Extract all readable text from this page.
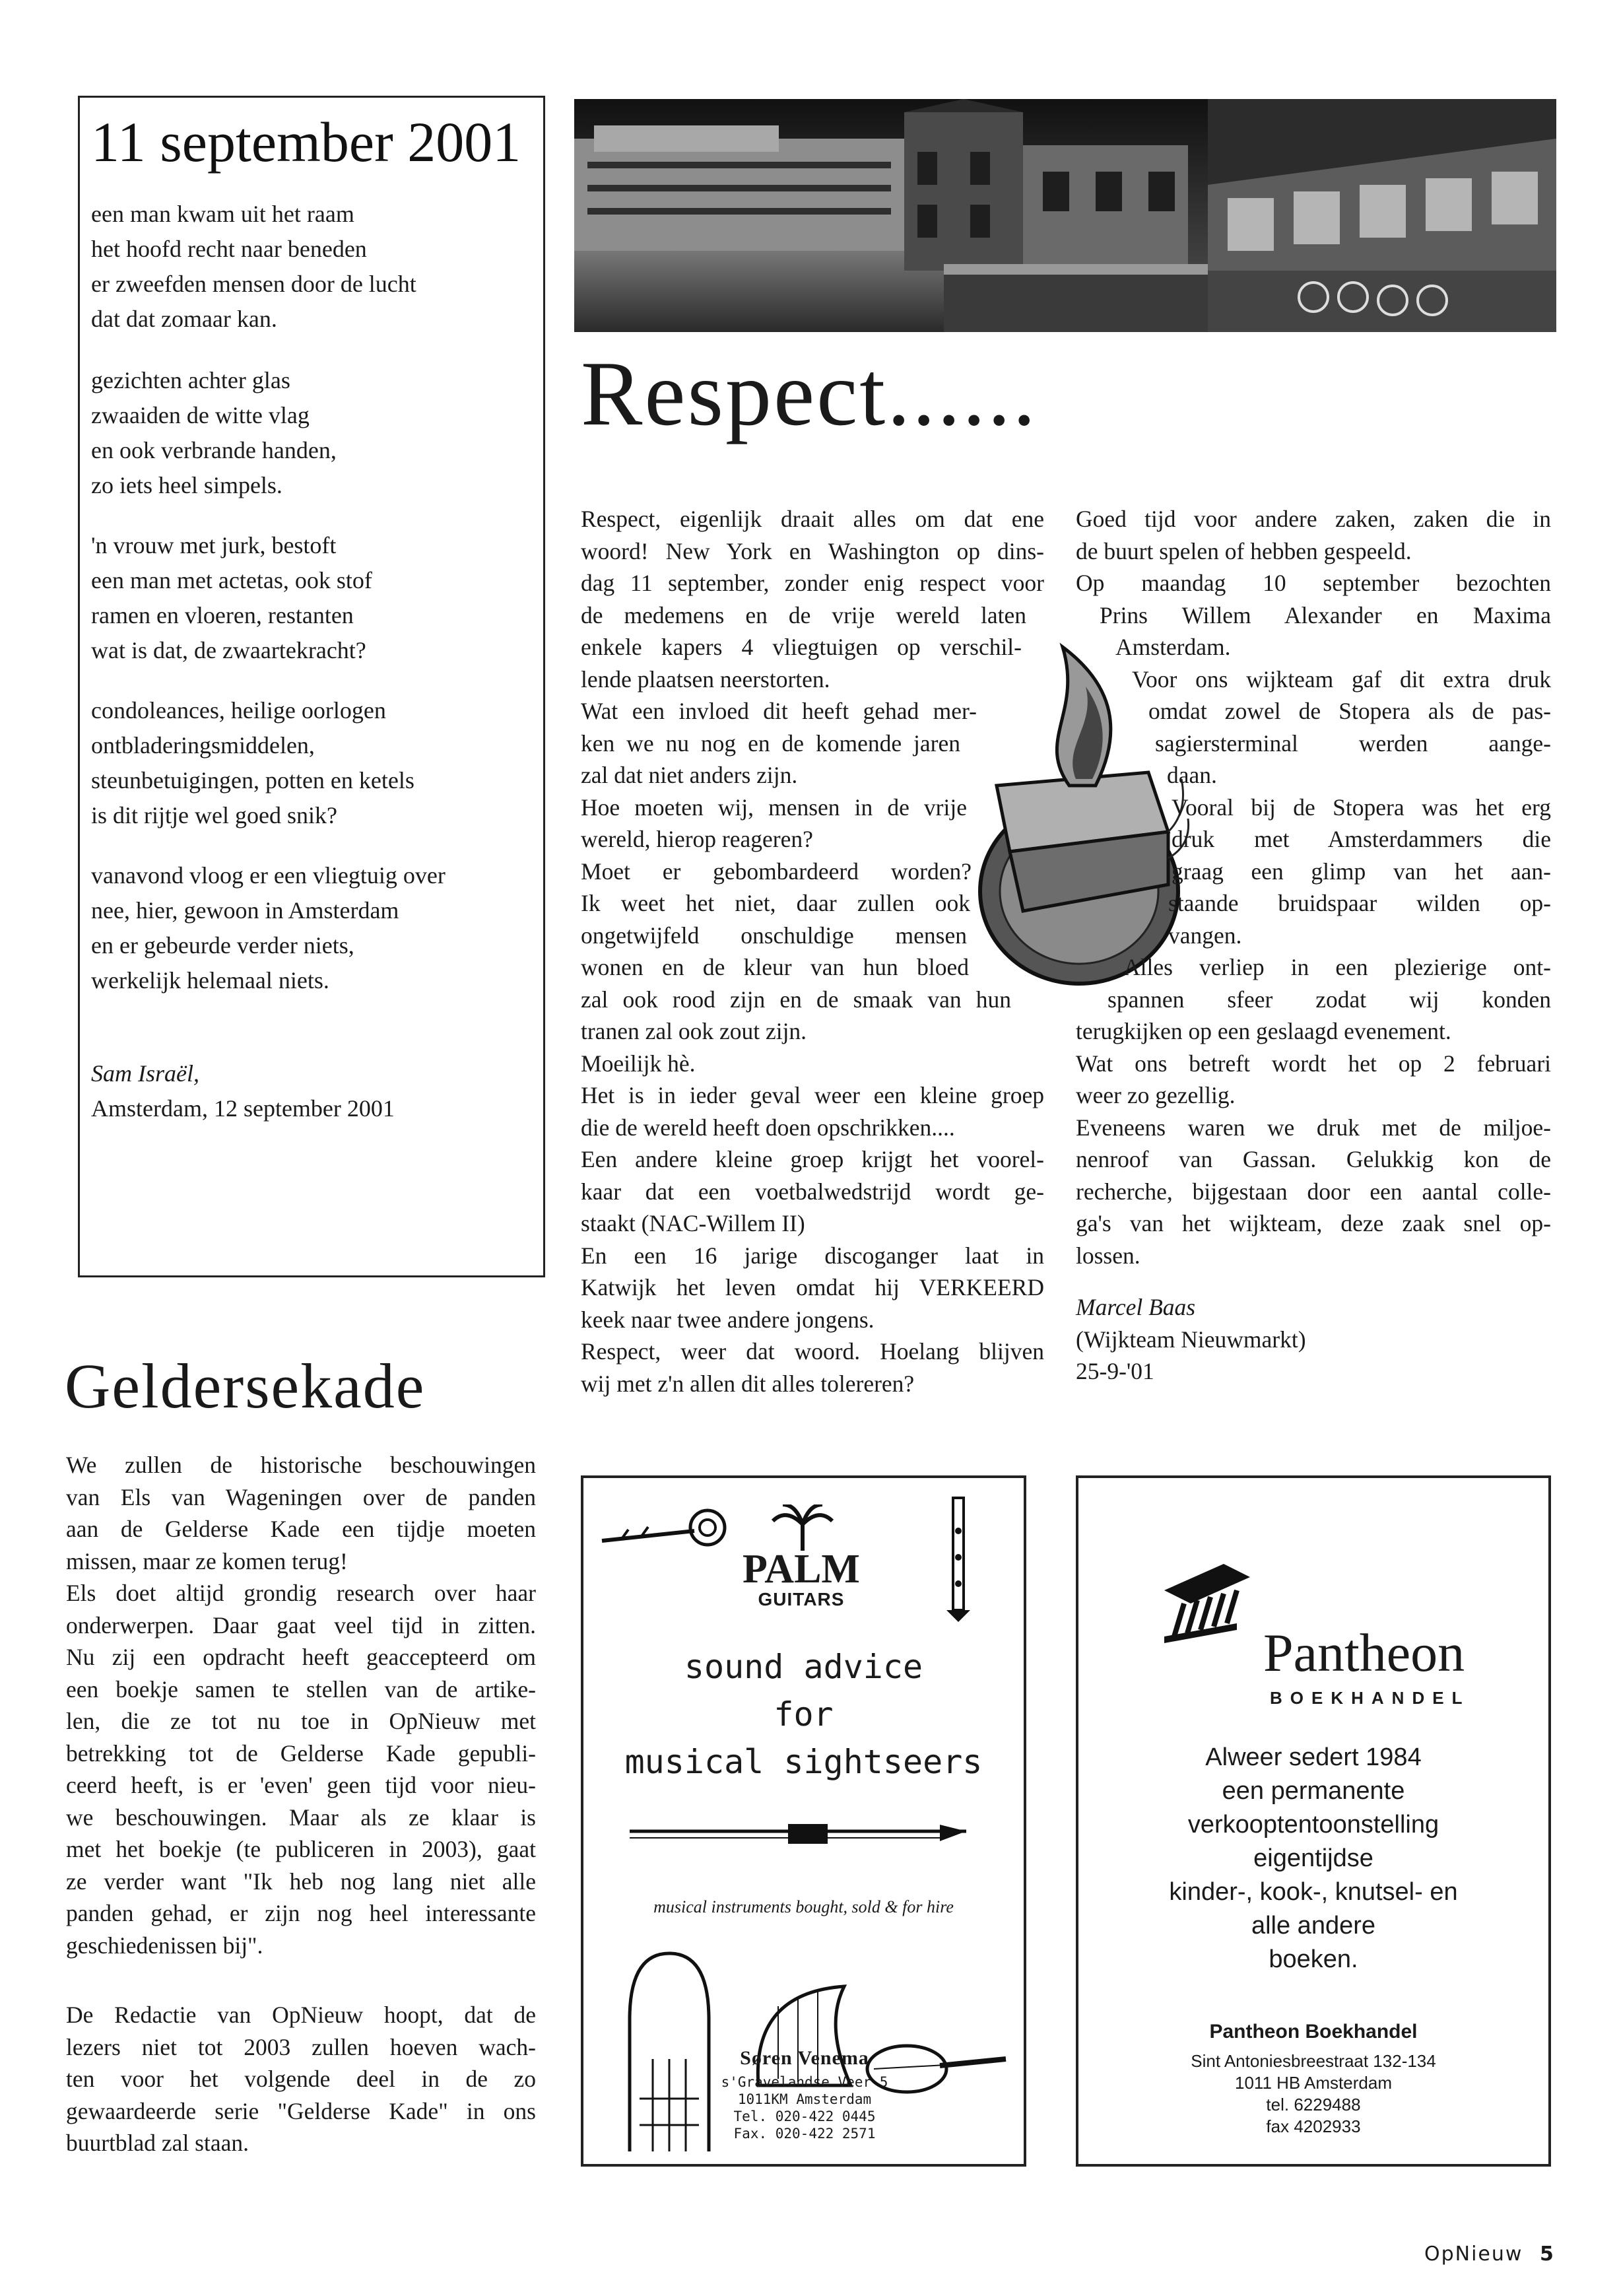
11 september 2001
een man kwam uit het raam
het hoofd recht naar beneden
er zweefden mensen door de lucht
dat dat zomaar kan.
gezichten achter glas
zwaaiden de witte vlag
en ook verbrande handen,
zo iets heel simpels.
'n vrouw met jurk, bestoft
een man met actetas, ook stof
ramen en vloeren, restanten
wat is dat, de zwaartekracht?
condoleances, heilige oorlogen
ontbladeringsmiddelen,
steunbetuigingen, potten en ketels
is dit rijtje wel goed snik?
vanavond vloog er een vliegtuig over
nee, hier, gewoon in Amsterdam
en er gebeurde verder niets,
werkelijk helemaal niets.
Sam Israël,
Amsterdam, 12 september 2001
Respect......
Respect, eigenlijk draait alles om dat ene
woord! New York en Washington op dins-
dag 11 september, zonder enig respect voor
de medemens en de vrije wereld laten
enkele kapers 4 vliegtuigen op verschil-
lende plaatsen neerstorten.
Wat een invloed dit heeft gehad mer-
ken we nu nog en de komende jaren
zal dat niet anders zijn.
Hoe moeten wij, mensen in de vrije
wereld, hierop reageren?
Moet er gebombardeerd worden?
Ik weet het niet, daar zullen ook
ongetwijfeld onschuldige mensen
wonen en de kleur van hun bloed
zal ook rood zijn en de smaak van hun
tranen zal ook zout zijn.
Moeilijk hè.
Het is in ieder geval weer een kleine groep
die de wereld heeft doen opschrikken....
Een andere kleine groep krijgt het voorel-
kaar dat een voetbalwedstrijd wordt ge-
staakt (NAC-Willem II)
En een 16 jarige discoganger laat in
Katwijk het leven omdat hij VERKEERD
keek naar twee andere jongens.
Respect, weer dat woord. Hoelang blijven
wij met z'n allen dit alles tolereren?
Goed tijd voor andere zaken, zaken die in
de buurt spelen of hebben gespeeld.
Op maandag 10 september bezochten
Prins Willem Alexander en Maxima
Amsterdam.
Voor ons wijkteam gaf dit extra druk
omdat zowel de Stopera als de pas-
sagiersterminal werden aange-
daan.
Vooral bij de Stopera was het erg
druk met Amsterdammers die
graag een glimp van het aan-
staande bruidspaar wilden op-
vangen.
Alles verliep in een plezierige ont-
spannen sfeer zodat wij konden
terugkijken op een geslaagd evenement.
Wat ons betreft wordt het op 2 februari
weer zo gezellig.
Eveneens waren we druk met de miljoe-
nenroof van Gassan. Gelukkig kon de
recherche, bijgestaan door een aantal colle-
ga's van het wijkteam, deze zaak snel op-
lossen.
Marcel Baas
(Wijkteam Nieuwmarkt)
25-9-'01
Geldersekade
We zullen de historische beschouwingen
van Els van Wageningen over de panden
aan de Gelderse Kade een tijdje moeten
missen, maar ze komen terug!
Els doet altijd grondig research over haar
onderwerpen. Daar gaat veel tijd in zitten.
Nu zij een opdracht heeft geaccepteerd om
een boekje samen te stellen van de artike-
len, die ze tot nu toe in OpNieuw met
betrekking tot de Gelderse Kade gepubli-
ceerd heeft, is er 'even' geen tijd voor nieu-
we beschouwingen. Maar als ze klaar is
met het boekje (te publiceren in 2003), gaat
ze verder want "Ik heb nog lang niet alle
panden gehad, er zijn nog heel interessante
geschiedenissen bij".
De Redactie van OpNieuw hoopt, dat de
lezers niet tot 2003 zullen hoeven wach-
ten voor het volgende deel in de zo
gewaardeerde serie "Gelderse Kade" in ons
buurtblad zal staan.
PALM
GUITARS
sound advice
for
musical sightseers
musical instruments bought, sold & for hire
Søren Venema
s'Gravelandse Veer 5
1011KM Amsterdam
Tel. 020-422 0445
Fax. 020-422 2571
Pantheon
BOEKHANDEL
Alweer sedert 1984
een permanente
verkooptentoonstelling
eigentijdse
kinder-, kook-, knutsel- en
alle andere
boeken.
Pantheon Boekhandel
Sint Antoniesbreestraat 132-134
1011 HB Amsterdam
tel. 6229488
fax 4202933
OpNieuw 5
